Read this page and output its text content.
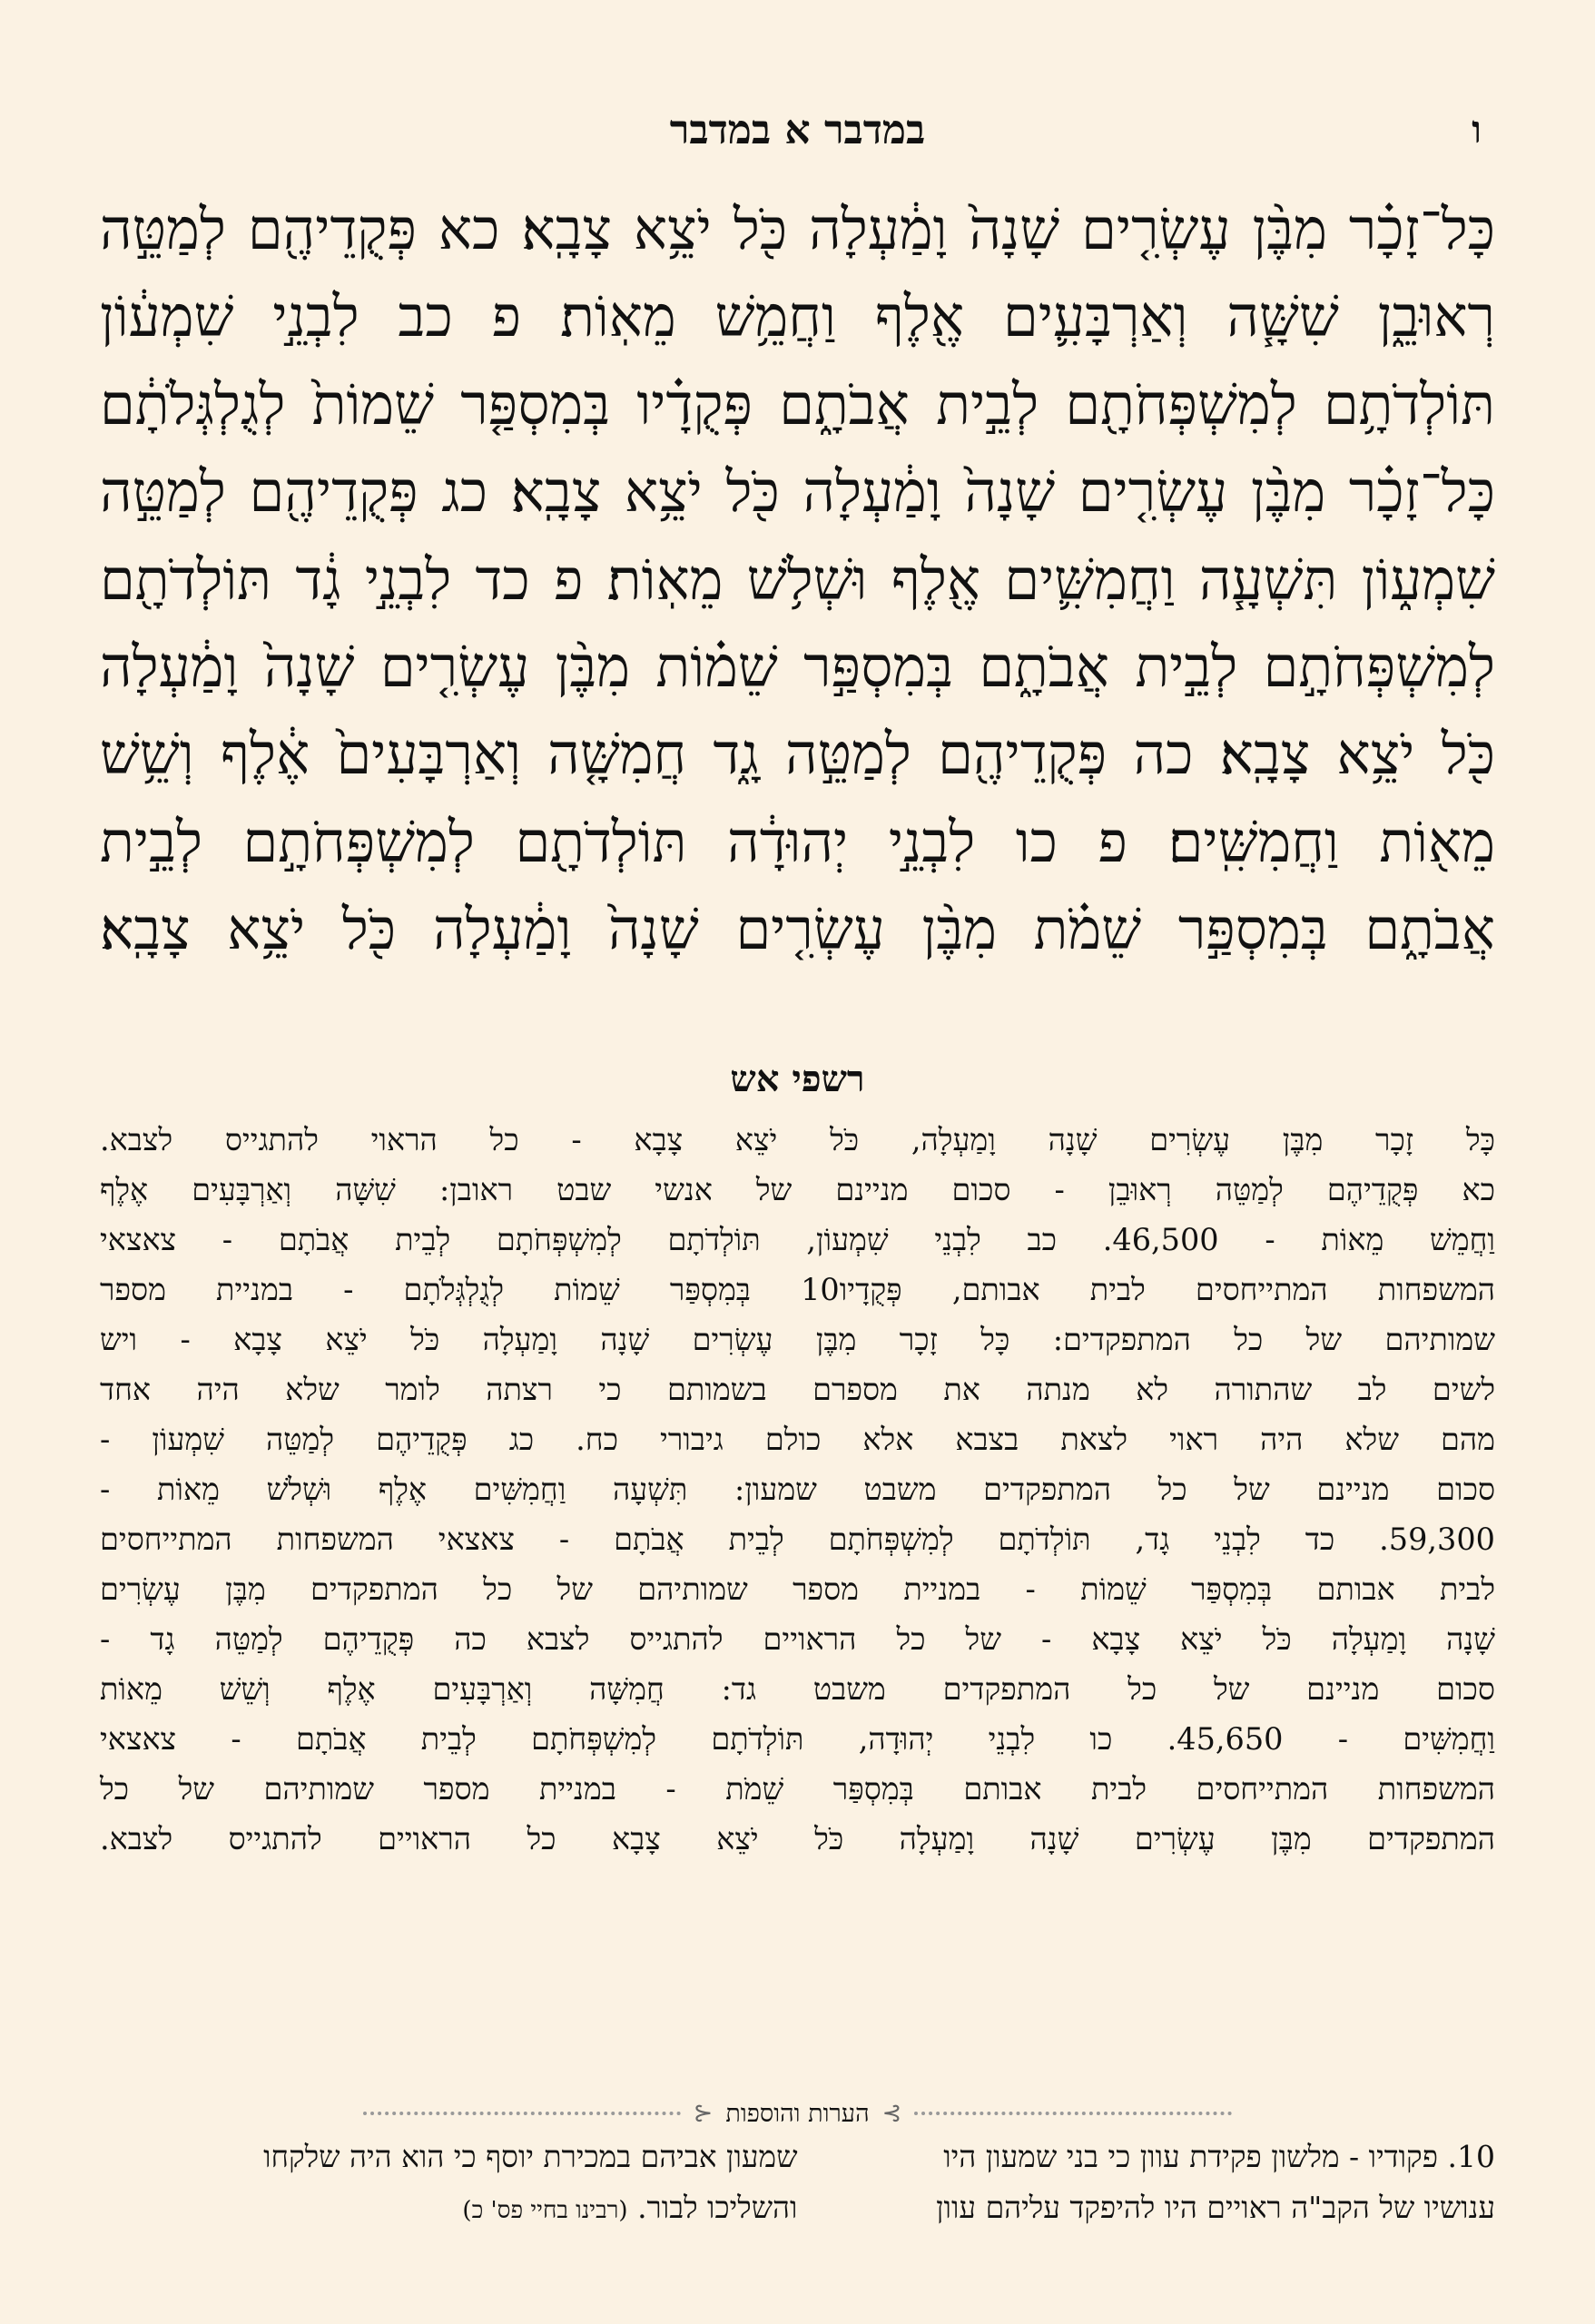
ו
במדבר א במדבר
כָּל־זָכָ֗ר מִבֶּ֨ן עֶשְׂרִ֤ים שָׁנָה֙ וָמַ֔עְלָה כֹּ֖ל יֹצֵ֥א צָבָֽא׃ כא פְּקֻדֵיהֶ֖ם לְמַטֵּ֣ה
רְאוּבֵ֑ן שִׁשָּׁ֧ה וְאַרְבָּעִ֛ים אֶ֖לֶף וַחֲמֵ֥שׁ מֵאֽוֹת׃ פ כב לִבְנֵ֣י שִׁמְע֔וֹן
תּוֹלְדֹתָ֥ם לְמִשְׁפְּחֹתָ֖ם לְבֵ֣ית אֲבֹתָ֑ם פְּקֻדָ֗יו בְּמִסְפַּ֤ר שֵׁמוֹת֙ לְגֻלְגְּלֹתָ֔ם
כָּל־זָכָ֗ר מִבֶּ֨ן עֶשְׂרִ֤ים שָׁנָה֙ וָמַ֔עְלָה כֹּ֖ל יֹצֵ֥א צָבָֽא׃ כג פְּקֻדֵיהֶ֖ם לְמַטֵּ֣ה
שִׁמְע֑וֹן תִּשְׁעָ֧ה וַחֲמִשִּׁ֛ים אֶ֖לֶף וּשְׁלֹ֥שׁ מֵאֽוֹת׃ פ כד לִבְנֵ֣י גָ֔ד תּוֹלְדֹתָ֖ם
לְמִשְׁפְּחֹתָ֣ם לְבֵ֣ית אֲבֹתָ֑ם בְּמִסְפַּ֣ר שֵׁמ֗וֹת מִבֶּ֨ן עֶשְׂרִ֤ים שָׁנָה֙ וָמַ֔עְלָה
כֹּ֖ל יֹצֵ֥א צָבָֽא׃ כה פְּקֻדֵיהֶ֖ם לְמַטֵּ֣ה גָ֑ד חֲמִשָּׁ֤ה וְאַרְבָּעִים֙ אֶ֔לֶף וְשֵׁ֥שׁ
מֵא֖וֹת וַחֲמִשִּֽׁים׃ פ כו לִבְנֵ֣י יְהוּדָ֔ה תּוֹלְדֹתָ֖ם לְמִשְׁפְּחֹתָ֣ם לְבֵ֣ית
אֲבֹתָ֑ם בְּמִסְפַּ֣ר שֵׁמֹ֗ת מִבֶּ֨ן עֶשְׂרִ֤ים שָׁנָה֙ וָמַ֔עְלָה כֹּ֖ל יֹצֵ֥א צָבָֽא׃
רשפי אש
כָּל זָכָר מִבֶּן עֶשְׂרִים שָׁנָה וָמַעְלָה, כֹּל יֹצֵא צָבָא - כל הראוי להתגייס לצבא.
כא פְּקֻדֵיהֶם לְמַטֵּה רְאוּבֵן - סכום מניינם של אנשי שבט ראובן: שִׁשָּׁה וְאַרְבָּעִים אֶלֶף
וַחֲמֵשׁ מֵאוֹת - 46,500. כב לִבְנֵי שִׁמְעוֹן, תּוֹלְדֹתָם לְמִשְׁפְּחֹתָם לְבֵית אֲבֹתָם - צאצאי
המשפחות המתייחסים לבית אבותם, פְּקֻדָיו10 בְּמִסְפַּר שֵׁמוֹת לְגֻלְגְּלֹתָם - במניית מספר
שמותיהם של כל המתפקדים: כָּל זָכָר מִבֶּן עֶשְׂרִים שָׁנָה וָמַעְלָה כֹּל יֹצֵא צָבָא - ויש
לשים לב שהתורה לא מנתה את מספרם בשמותם כי רצתה לומר שלא היה אחד
מהם שלא היה ראוי לצאת בצבא אלא כולם גיבורי כח. כג פְּקֻדֵיהֶם לְמַטֵּה שִׁמְעוֹן -
סכום מניינם של כל המתפקדים משבט שמעון: תִּשְׁעָה וַחֲמִשִּׁים אֶלֶף וּשְׁלֹשׁ מֵאוֹת -
59,300. כד לִבְנֵי גָד, תּוֹלְדֹתָם לְמִשְׁפְּחֹתָם לְבֵית אֲבֹתָם - צאצאי המשפחות המתייחסים
לבית אבותם בְּמִסְפַּר שֵׁמוֹת - במניית מספר שמותיהם של כל המתפקדים מִבֶּן עֶשְׂרִים
שָׁנָה וָמַעְלָה כֹּל יֹצֵא צָבָא - של כל הראויים להתגייס לצבא כה פְּקֻדֵיהֶם לְמַטֵּה גָד -
סכום מניינם של כל המתפקדים משבט גד: חֲמִשָּׁה וְאַרְבָּעִים אֶלֶף וְשֵׁשׁ מֵאוֹת
וַחֲמִשִּׁים - 45,650. כו לִבְנֵי יְהוּדָה, תּוֹלְדֹתָם לְמִשְׁפְּחֹתָם לְבֵית אֲבֹתָם - צאצאי
המשפחות המתייחסים לבית אבותם בְּמִסְפַּר שֵׁמֹת - במניית מספר שמותיהם של כל
המתפקדים מִבֶּן עֶשְׂרִים שָׁנָה וָמַעְלָה כֹּל יֹצֵא צָבָא כל הראויים להתגייס לצבא.
⊱
הערות והוספות
⊰
10. פקודיו - מלשון פקידת עוון כי בני שמעון היו
ענושיו של הקב"ה ראויים היו להיפקד עליהם עוון
שמעון אביהם במכירת יוסף כי הוא היה שלקחו
והשליכו לבור. (רבינו בחיי פס' כ)
